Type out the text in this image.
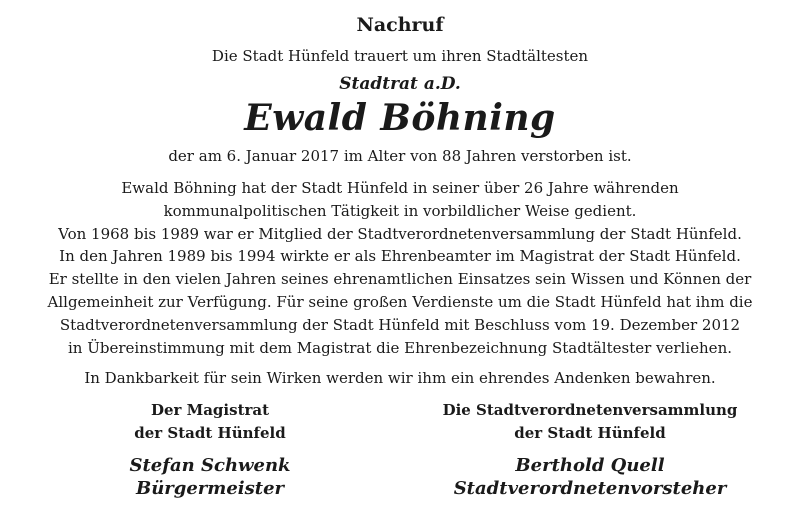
Nachruf
Die Stadt Hünfeld trauert um ihren Stadtältesten
Stadtrat a.D.
Ewald Böhning
der am 6. Januar 2017 im Alter von 88 Jahren verstorben ist.
Ewald Böhning hat der Stadt Hünfeld in seiner über 26 Jahre währenden
kommunalpolitischen Tätigkeit in vorbildlicher Weise gedient.
Von 1968 bis 1989 war er Mitglied der Stadtverordnetenversammlung der Stadt Hünfeld.
In den Jahren 1989 bis 1994 wirkte er als Ehrenbeamter im Magistrat der Stadt Hünfeld.
Er stellte in den vielen Jahren seines ehrenamtlichen Einsatzes sein Wissen und Können der
Allgemeinheit zur Verfügung. Für seine großen Verdienste um die Stadt Hünfeld hat ihm die
Stadtverordnetenversammlung der Stadt Hünfeld mit Beschluss vom 19. Dezember 2012
in Übereinstimmung mit dem Magistrat die Ehrenbezeichnung Stadtältester verliehen.
In Dankbarkeit für sein Wirken werden wir ihm ein ehrendes Andenken bewahren.
Der Magistrat
der Stadt Hünfeld
Die Stadtverordnetenversammlung
der Stadt Hünfeld
Stefan Schwenk
Bürgermeister
Berthold Quell
Stadtverordnetenvorsteher
